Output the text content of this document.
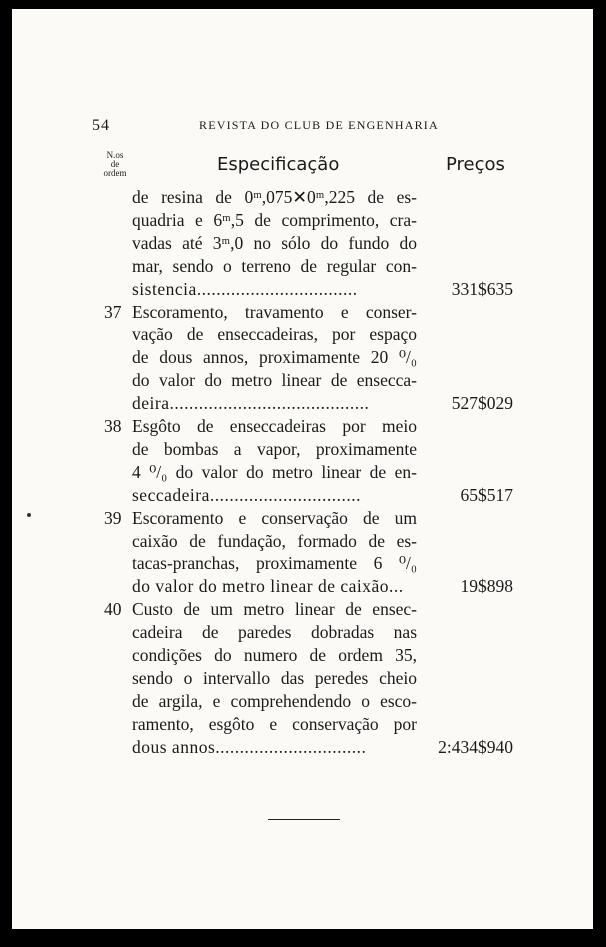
54	REVISTA DO CLUB DE ENGENHARIA
N.os
de
ordem	Especificação	Preços
de resina de 0ᵐ,075✕0ᵐ,225 de es-
quadria e 6ᵐ,5 de comprimento, cra-
vadas até 3ᵐ,0 no sólo do fundo do
mar, sendo o terreno de regular con-
sistencia.................................	331$635
37 Escoramento, travamento e conser-
vação de enseccadeiras, por espaço
de dous annos, proximamente 20 ⁰/₀
do valor do metro linear de ensecca-
deira.........................................	527$029
38 Esgôto de enseccadeiras por meio
de bombas a vapor, proximamente
4 ⁰/₀ do valor do metro linear de en-
seccadeira...............................	65$517
39 Escoramento e conservação de um
caixão de fundação, formado de es-
tacas-pranchas, proximamente 6 ⁰/₀
do valor do metro linear de caixão...	19$898
40 Custo de um metro linear de ensec-
cadeira de paredes dobradas nas
condições do numero de ordem 35,
sendo o intervallo das peredes cheio
de argila, e comprehendendo o esco-
ramento, esgôto e conservação por
dous annos...............................	2:434$940
